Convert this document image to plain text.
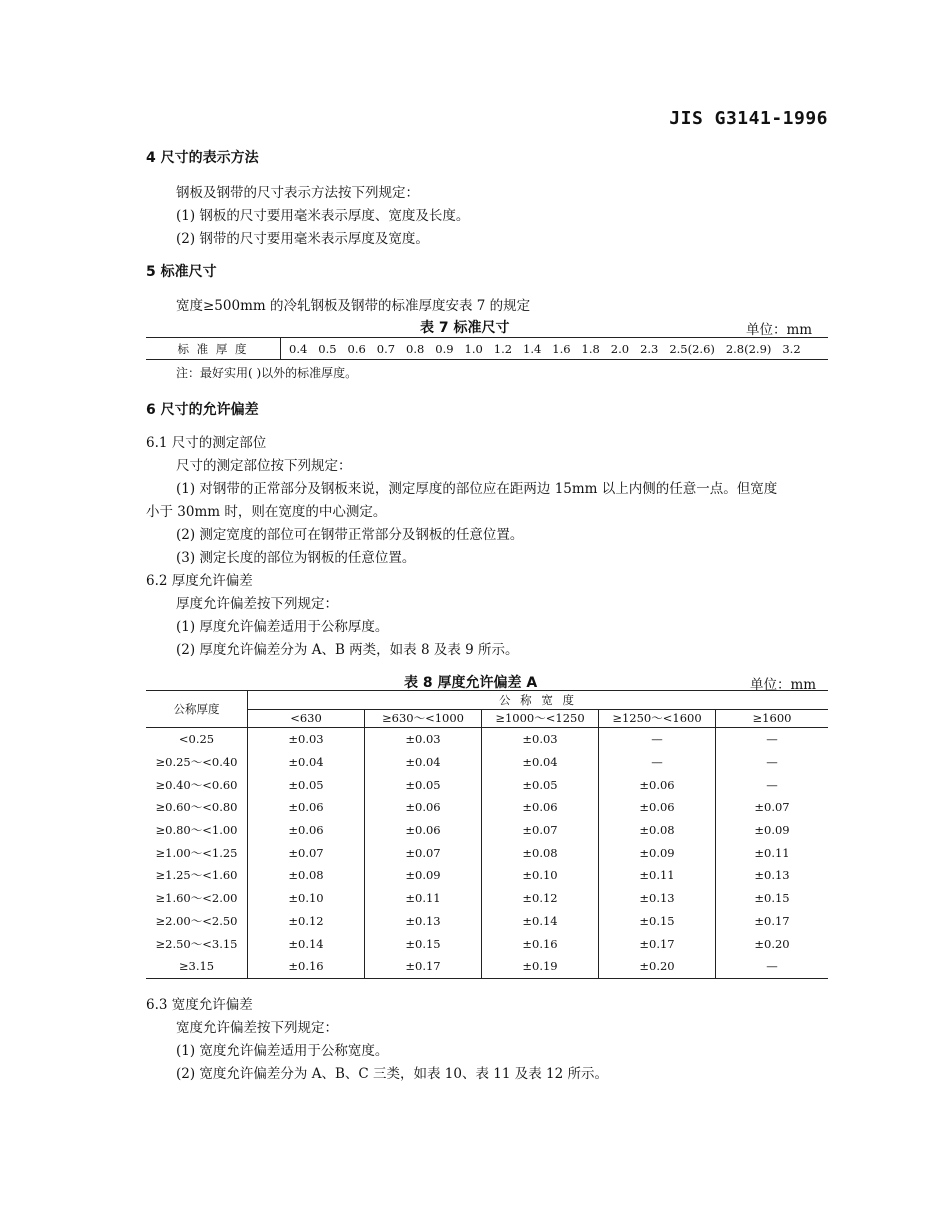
JIS G3141-1996
4 尺寸的表示方法
钢板及钢带的尺寸表示方法按下列规定：
(1) 钢板的尺寸要用毫米表示厚度、宽度及长度。
(2) 钢带的尺寸要用毫米表示厚度及宽度。
5 标准尺寸
宽度≥500mm 的冷轧钢板及钢带的标准厚度安表 7 的规定
表 7 标准尺寸	单位：mm
标 准 厚 度	0.4   0.5   0.6   0.7   0.8   0.9   1.0   1.2   1.4   1.6   1.8   2.0   2.3   2.5(2.6)   2.8(2.9)   3.2
注：最好实用( )以外的标准厚度。
6 尺寸的允许偏差
6.1 尺寸的测定部位
尺寸的测定部位按下列规定：
(1) 对钢带的正常部分及钢板来说，测定厚度的部位应在距两边 15mm 以上内侧的任意一点。但宽度
小于 30mm 时，则在宽度的中心测定。
(2) 测定宽度的部位可在钢带正常部分及钢板的任意位置。
(3) 测定长度的部位为钢板的任意位置。
6.2 厚度允许偏差
厚度允许偏差按下列规定：
(1) 厚度允许偏差适用于公称厚度。
(2) 厚度允许偏差分为 A、B 两类，如表 8 及表 9 所示。
表 8 厚度允许偏差 A	单位：mm
公称厚度	公 称 宽 度				
	<630	≥630～<1000	≥1000～<1250	≥1250～<1600	≥1600
<0.25	±0.03	±0.03	±0.03	—	—
≥0.25～<0.40	±0.04	±0.04	±0.04	—	—
≥0.40～<0.60	±0.05	±0.05	±0.05	±0.06	—
≥0.60～<0.80	±0.06	±0.06	±0.06	±0.06	±0.07
≥0.80～<1.00	±0.06	±0.06	±0.07	±0.08	±0.09
≥1.00～<1.25	±0.07	±0.07	±0.08	±0.09	±0.11
≥1.25～<1.60	±0.08	±0.09	±0.10	±0.11	±0.13
≥1.60～<2.00	±0.10	±0.11	±0.12	±0.13	±0.15
≥2.00～<2.50	±0.12	±0.13	±0.14	±0.15	±0.17
≥2.50～<3.15	±0.14	±0.15	±0.16	±0.17	±0.20
≥3.15	±0.16	±0.17	±0.19	±0.20	—
6.3 宽度允许偏差
宽度允许偏差按下列规定：
(1) 宽度允许偏差适用于公称宽度。
(2) 宽度允许偏差分为 A、B、C 三类，如表 10、表 11 及表 12 所示。
